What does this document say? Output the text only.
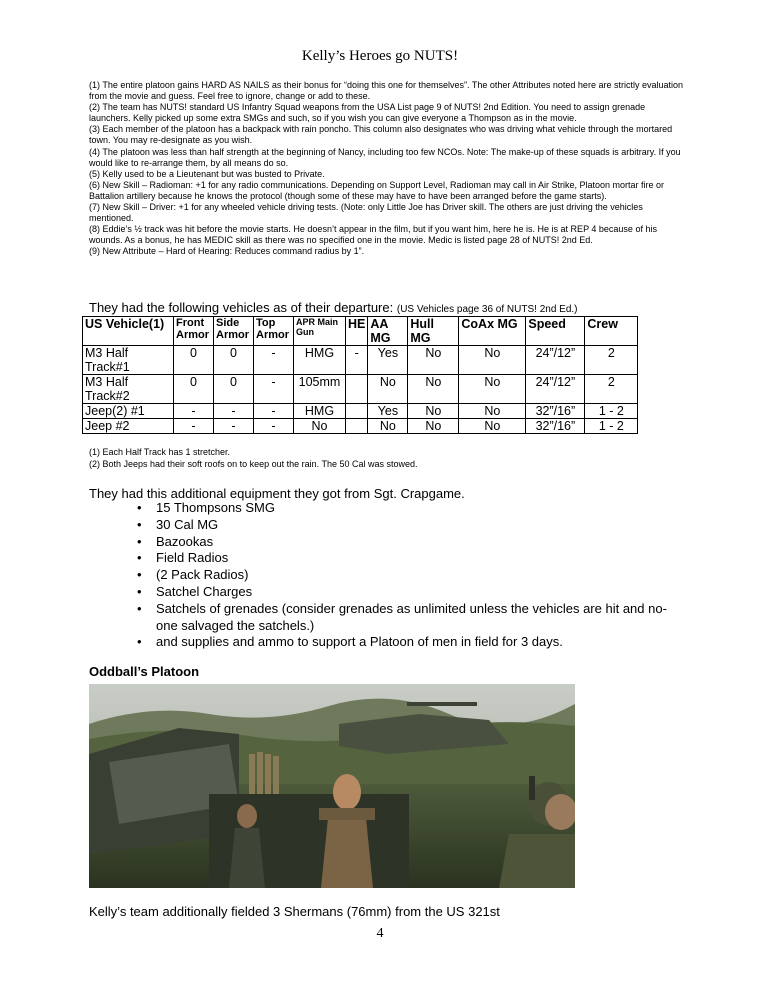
Kelly’s Heroes go NUTS!

(1) The entire platoon gains HARD AS NAILS as their bonus for “doing this one for themselves”. The other Attributes noted here are strictly evaluation from the movie and guess. Feel free to ignore, change or add to these.

(2) The team has NUTS! standard US Infantry Squad weapons from the USA List page 9 of NUTS! 2nd Edition. You need to assign grenade launchers. Kelly picked up some extra SMGs and such, so if you wish you can give everyone a Thompson as in the movie.

(3) Each member of the platoon has a backpack with rain poncho. This column also designates who was driving what vehicle through the mortared town. You may re-designate as you wish.

(4) The platoon was less than half strength at the beginning of Nancy, including too few NCOs. Note: The make-up of these squads is arbitrary. If you would like to re-arrange them, by all means do so.

(5) Kelly used to be a Lieutenant but was busted to Private.

(6) New Skill – Radioman: +1 for any radio communications. Depending on Support Level, Radioman may call in Air Strike, Platoon mortar fire or Battalion artillery because he knows the protocol (though some of these may have to have been arranged before the game starts).

(7) New Skill – Driver: +1 for any wheeled vehicle driving tests. (Note: only Little Joe has Driver skill. The others are just driving the vehicles mentioned.

(8) Eddie’s ½ track was hit before the movie starts. He doesn’t appear in the film, but if you want him, here he is. He is at REP 4 because of his wounds. As a bonus, he has MEDIC skill as there was no specified one in the movie. Medic is listed page 28 of NUTS! 2nd Ed.

(9) New Attribute – Hard of Hearing: Reduces command radius by 1”.

They had the following vehicles as of their departure: (US Vehicles page 36 of NUTS! 2nd Ed.)
US Vehicle(1)	Front Armor	Side Armor	Top Armor	APR Main Gun	HE	AA MG	Hull MG	CoAx MG	Speed	Crew
M3 Half Track#1	0	0	-	HMG	-	Yes	No	No	24”/12”	2
M3 Half Track#2	0	0	-	105mm		No	No	No	24”/12”	2
Jeep(2) #1	-	-	-	HMG		Yes	No	No	32”/16”	1 - 2
Jeep #2	-	-	-	No		No	No	No	32”/16”	1 - 2

(1) Each Half Track has 1 stretcher.

(2) Both Jeeps had their soft roofs on to keep out the rain. The 50 Cal was stowed.

They had this additional equipment they got from Sgt. Crapgame.
• 15 Thompsons SMG
• 30 Cal MG
• Bazookas
• Field Radios
• (2 Pack Radios)
• Satchel Charges
• Satchels of grenades (consider grenades as unlimited unless the vehicles are hit and no-one salvaged the satchels.)
• and supplies and ammo to support a Platoon of men in field for 3 days.
Oddball’s Platoon
Kelly’s team additionally fielded 3 Shermans (76mm) from the US 321st
4
